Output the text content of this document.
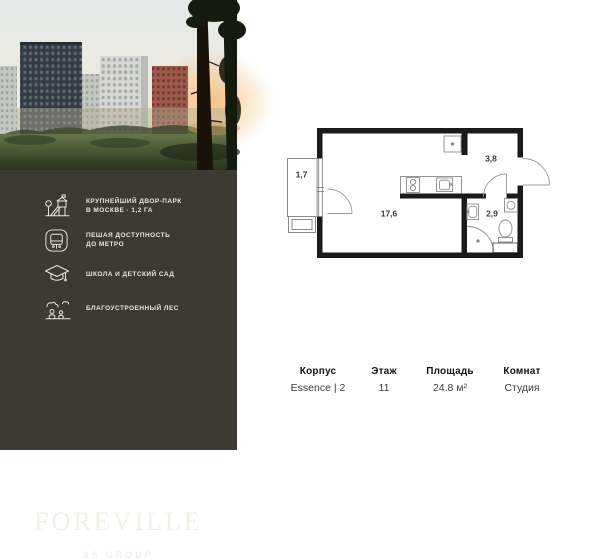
КРУПНЕЙШИЙ ДВОР-ПАРК
В МОСКВЕ · 1,2 ГА
ПЕШАЯ ДОСТУПНОСТЬ
ДО МЕТРО
ШКОЛА И ДЕТСКИЙ САД
БЛАГОУСТРОЕННЫЙ ЛЕС
FOREVILLE
3S GROUP
1,7
3,8
17,6	2,9
Корпус
Essence | 2
Этаж
11
Площадь
24.8 м²
Комнат
Студия
